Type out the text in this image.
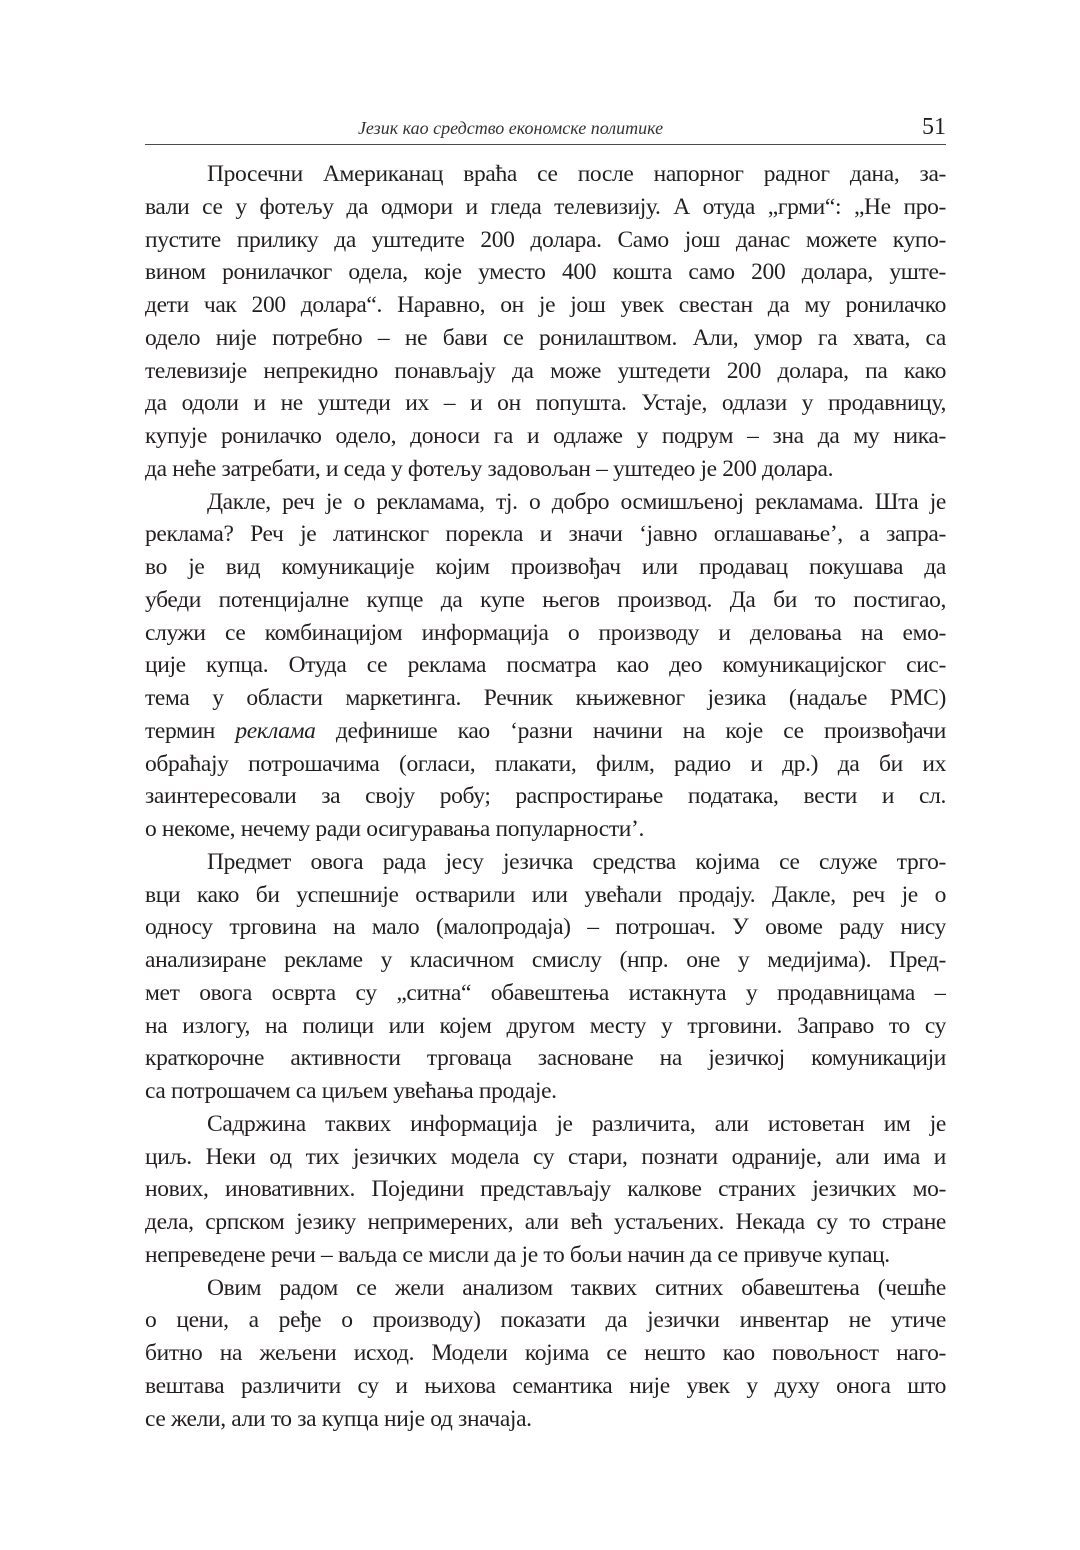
Језик као средство економске политике	51
Просечни Американац враћа се после напорног радног дана, за-
вали се у фотељу да одмори и гледа телевизију. А отуда „грми“: „Не про-
пустите прилику да уштедите 200 долара. Само још данас можете купо-
вином ронилачког одела, које уместо 400 кошта само 200 долара, уште-
дети чак 200 долара“. Наравно, он је још увек свестан да му ронилачко
одело није потребно – не бави се ронилаштвом. Али, умор га хвата, са
телевизије непрекидно понављају да може уштедети 200 долара, па како
да одоли и не уштеди их – и он попушта. Устаје, одлази у продавницу,
купује ронилачко одело, доноси га и одлаже у подрум – зна да му ника-
да неће затребати, и седа у фотељу задовољан – уштедео је 200 долара.
Дакле, реч је о рекламама, тј. о добро осмишљеној рекламама. Шта је
реклама? Реч је латинског порекла и значи ‘јавно оглашавање’, а запра-
во је вид комуникације којим произвођач или продавац покушава да
убеди потенцијалне купце да купе његов производ. Да би то постигао,
служи се комбинацијом информација о производу и деловања на емо-
ције купца. Отуда се реклама посматра као део комуникацијског сис-
тема у области маркетинга. Речник књижевног језика (надаље РМС)
термин реклама дефинише као ‘разни начини на које се произвођачи
обраћају потрошачима (огласи, плакати, филм, радио и др.) да би их
заинтересовали за своју робу; распростирање података, вести и сл.
о некоме, нечему ради осигуравања популарности’.
Предмет овога рада јесу језичка средства којима се служе трго-
вци како би успешније остварили или увећали продају. Дакле, реч је о
односу трговина на мало (малопродаја) – потрошач. У овоме раду нису
анализиране рекламе у класичном смислу (нпр. оне у медијима). Пред-
мет овога осврта су „ситна“ обавештења истакнута у продавницама –
на излогу, на полици или којем другом месту у трговини. Заправо то су
краткорочне активности трговаца засноване на језичкој комуникацији
са потрошачем са циљем увећања продаје.
Садржина таквих информација је различита, али истоветан им је
циљ. Неки од тих језичких модела су стари, познати одраније, али има и
нових, иновативних. Поједини представљају калкове страних језичких мо-
дела, српском језику непримерених, али већ устаљених. Некада су то стране
непреведене речи – ваљда се мисли да је то бољи начин да се привуче купац.
Овим радом се жели анализом таквих ситних обавештења (чешће
о цени, а ређе о производу) показати да језички инвентар не утиче
битно на жељени исход. Модели којима се нешто као повољност наго-
вештава различити су и њихова семантика није увек у духу онога што
се жели, али то за купца није од значаја.
